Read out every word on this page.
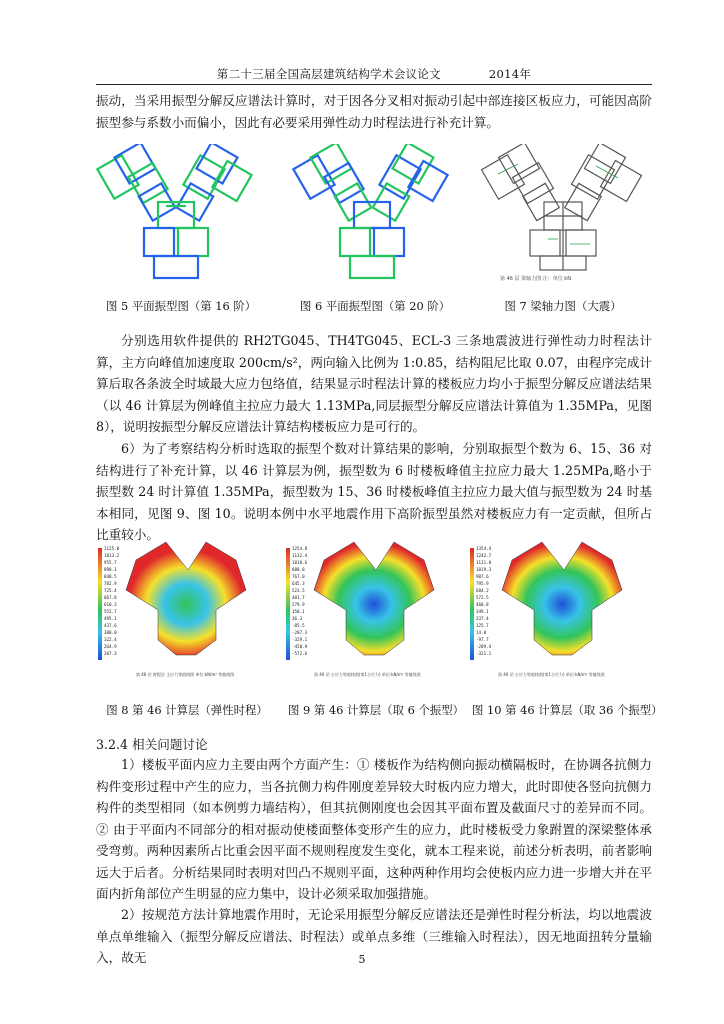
第二十三届全国高层建筑结构学术会议论文	2014年

振动，当采用振型分解反应谱法计算时，对于因各分叉相对振动引起中部连接区板应力，可能因高阶振型参与系数小而偏小，因此有必要采用弹性动力时程法进行补充计算。

第 46 层 梁轴力图 注：单位 kN
图 5 平面振型图（第 16 阶）	图 6 平面振型图（第 20 阶）	图 7 梁轴力图（大震）

分别选用软件提供的 RH2TG045、TH4TG045、ECL-3 三条地震波进行弹性动力时程法计算，主方向峰值加速度取 200cm/s²，两向输入比例为 1:0.85，结构阻尼比取 0.07，由程序完成计算后取各条波全时域最大应力包络值，结果显示时程法计算的楼板应力均小于振型分解反应谱法结果（以 46 计算层为例峰值主拉应力最大 1.13MPa,同层振型分解反应谱法计算值为 1.35MPa，见图 8），说明按振型分解反应谱法计算结构楼板应力是可行的。

6）为了考察结构分析时选取的振型个数对计算结果的影响，分别取振型个数为 6、15、36 对结构进行了补充计算，以 46 计算层为例，振型数为 6 时楼板峰值主拉应力最大 1.25MPa,略小于振型数 24 时计算值 1.35MPa，振型数为 15、36 时楼板峰值主拉应力最大值与振型数为 24 时基本相同，见图 9、图 10。说明本例中水平地震作用下高阶振型虽然对楼板应力有一定贡献，但所占比重较小。

第 46 层 时程法 主应力等值线图 单位:kN/m² 等值线图
1125.0
1013.2
955.7
898.1
840.5
782.9
725.4
667.8
610.3
552.7
495.1
437.6
380.0
322.4
264.9
207.3
第 46 层 主应力等值线图(第1主应力) 单位:kN/m² 等值线图
1254.8
1132.4
1010.6
888.8
767.0
645.3
523.5
401.7
279.9
158.1
36.3
-85.5
-207.3
-329.1
-450.9
-572.6
第 46 层 主应力等值线图(第1主应力) 单位:kN/m² 等值线图
1354.4
1242.7
1131.0
1019.3
907.6
795.9
684.2
572.5
460.8
349.1
237.4
125.7
14.0
-97.7
-209.4
-321.1
图 8 第 46 计算层（弹性时程）	图 9 第 46 计算层（取 6 个振型） 图 10 第 46 计算层（取 36 个振型）
3.2.4 相关问题讨论

1）楼板平面内应力主要由两个方面产生：① 楼板作为结构侧向振动横隔板时，在协调各抗侧力构件变形过程中产生的应力，当各抗侧力构件刚度差异较大时板内应力增大，此时即使各竖向抗侧力构件的类型相同（如本例剪力墙结构），但其抗侧刚度也会因其平面布置及截面尺寸的差异而不同。② 由于平面内不同部分的相对振动使楼面整体变形产生的应力，此时楼板受力象跗置的深梁整体承受弯剪。两种因素所占比重会因平面不规则程度发生变化，就本工程来说，前述分析表明，前者影响远大于后者。分析结果同时表明对凹凸不规则平面，这种两种作用均会使板内应力进一步增大并在平面内折角部位产生明显的应力集中，设计必须采取加强措施。

2）按规范方法计算地震作用时，无论采用振型分解反应谱法还是弹性时程分析法，均以地震波单点单维输入（振型分解反应谱法、时程法）或单点多维（三维输入时程法），因无地面扭转分量输入，故无	5
